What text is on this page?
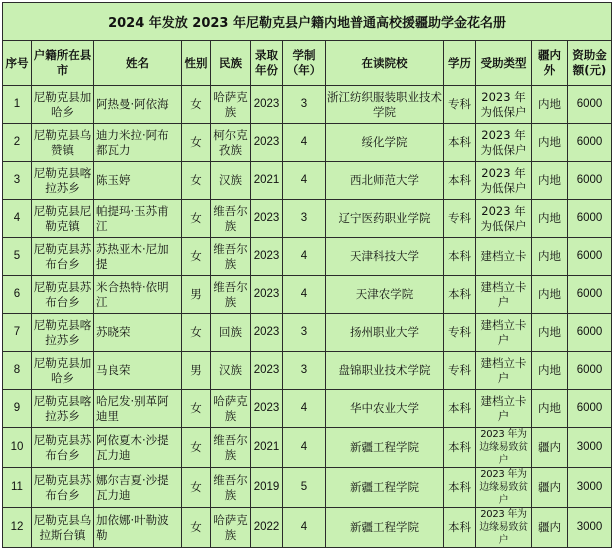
2024 年发放 2023 年尼勒克县户籍内地普通高校援疆助学金花名册											
序号	户籍所在县市	姓名	性别	民族	录取年份	学制（年）	在读院校	学历	受助类型	疆内外	资助金额(元)
1	尼勒克县加哈乡	阿热曼·阿依海	女	哈萨克族	2023	3	浙江纺织服装职业技术学院	专科	2023 年为低保户	内地	6000
2	尼勒克县乌赞镇	迪力米拉·阿布都瓦力	女	柯尔克孜族	2023	4	绥化学院	本科	2023 年为低保户	内地	6000
3	尼勒克县喀拉苏乡	陈玉婷	女	汉族	2021	4	西北师范大学	本科	2023 年为低保户	内地	6000
4	尼勒克县尼勒克镇	帕提玛·玉苏甫江	女	维吾尔族	2023	3	辽宁医药职业学院	专科	2023 年为低保户	内地	6000
5	尼勒克县苏布台乡	苏热亚木·尼加提	女	维吾尔族	2023	4	天津科技大学	本科	建档立卡	内地	6000
6	尼勒克县苏布台乡	米合热特·依明江	男	维吾尔族	2023	4	天津农学院	本科	建档立卡户	内地	6000
7	尼勒克县喀拉苏乡	苏晓荣	女	回族	2023	3	扬州职业大学	专科	建档立卡户	内地	6000
8	尼勒克县加哈乡	马良荣	男	汉族	2023	3	盘锦职业技术学院	专科	建档立卡户	内地	6000
9	尼勒克县喀拉苏乡	哈尼发·别革阿迪里	女	哈萨克族	2023	4	华中农业大学	本科	建档立卡户	内地	6000
10	尼勒克县苏布台乡	阿依夏木·沙提瓦力迪	女	维吾尔族	2021	4	新疆工程学院	本科	2023 年为边缘易致贫户	疆内	3000
11	尼勒克县苏布台乡	娜尔吉夏·沙提瓦力迪	女	维吾尔族	2019	5	新疆工程学院	本科	2023 年为边缘易致贫户	疆内	3000
12	尼勒克县乌拉斯台镇	加依娜·叶勒波勒	女	哈萨克族	2022	4	新疆工程学院	本科	2023 年为边缘易致贫户	疆内	3000
